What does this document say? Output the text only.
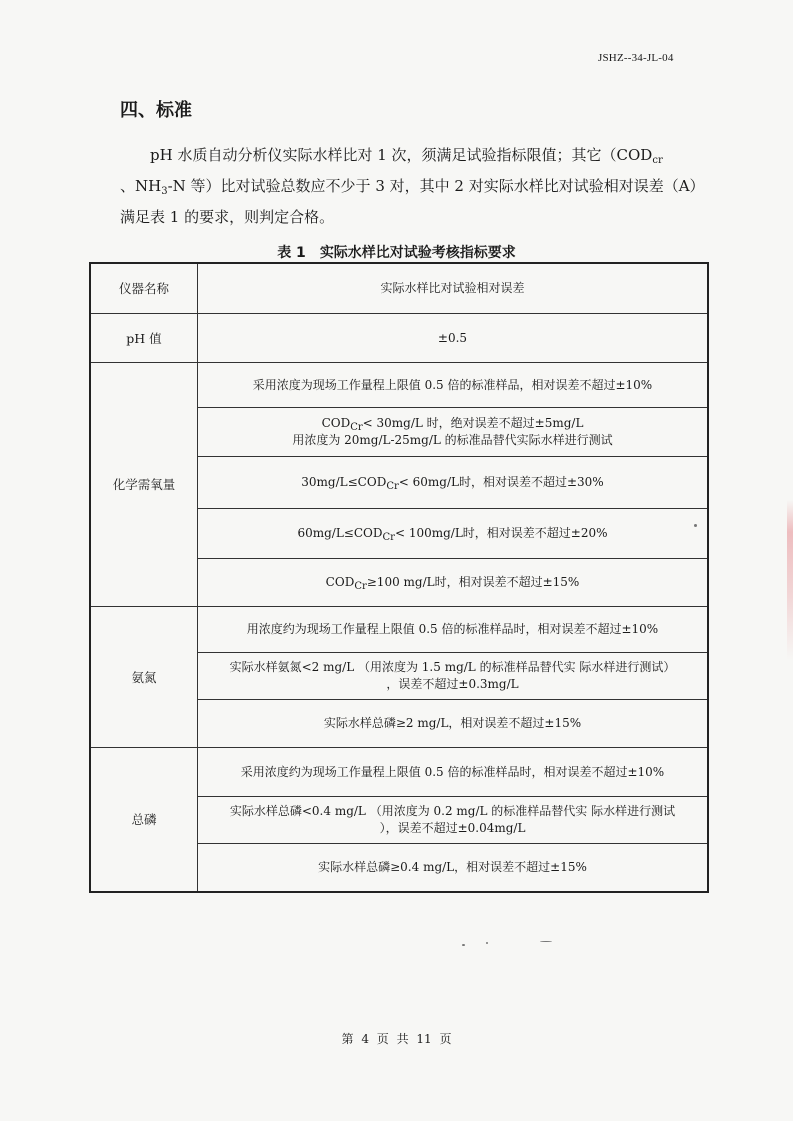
JSHZ--34-JL-04
四、标准
pH 水质自动分析仪实际水样比对 1 次，须满足试验指标限值；其它（$COD_{cr}$
、$NH_3-N$ 等）比对试验总数应不少于 3 对，其中 2 对实际水样比对试验相对误差（A）满足表 1 的要求，则判定合格。
表 1 实际水样比对试验考核指标要求
仪器名称	实际水样比对试验相对误差
pH 值	±0.5
化学需氧量	采用浓度为现场工作量程上限值 0.5 倍的标准样品，相对误差不超过±10%
	$COD_{Cr}< 30mg/L$ 时，绝对误差不超过±5mg/L
用浓度为 20mg/L-25mg/L 的标准品替代实际水样进行测试
	$30mg/L\le COD_{Cr}< 60mg/L$时，相对误差不超过±30%
	$60mg/L\le COD_{Cr}< 100mg/L$时，相对误差不超过±20%
	$COD_{Cr}\ge 100$ mg/L时，相对误差不超过±15%
氨氮	用浓度约为现场工作量程上限值 0.5 倍的标准样品时，相对误差不超过±10%
	实际水样氨氮<2 mg/L （用浓度为 1.5 mg/L 的标准样品替代实 际水样进行测试）
，误差不超过±0.3mg/L
	实际水样总磷≥2 mg/L，相对误差不超过±15%
总磷	采用浓度约为现场工作量程上限值 0.5 倍的标准样品时，相对误差不超过±10%
	实际水样总磷<0.4 mg/L （用浓度为 0.2 mg/L 的标准样品替代实 际水样进行测试
），误差不超过±0.04mg/L
	实际水样总磷≥0.4 mg/L，相对误差不超过±15%
第 4 页 共 11 页
